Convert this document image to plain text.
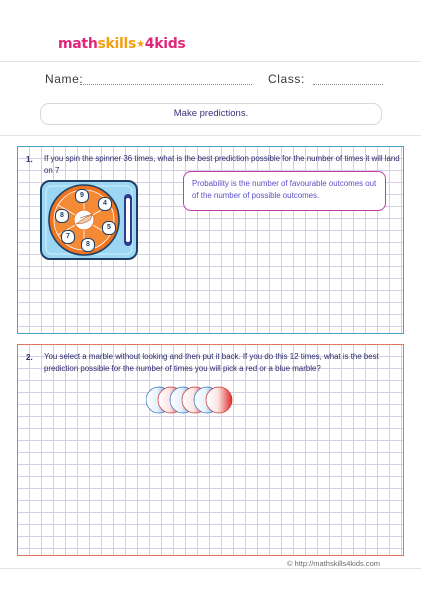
mathskills★4kids
Name:	Class:
Make predictions.
1. If you spin the spinner 36 times, what is the best prediction possible for the number of times it will land on 7
Probability is the number of favourable outcomes out of the number of possible outcomes.
9
4
8
5
7
8
2. You select a marble without looking and then put it back. If you do this 12 times, what is the best prediction possible for the number of times you will pick a red or a blue marble?
© http://mathskills4kids.com
